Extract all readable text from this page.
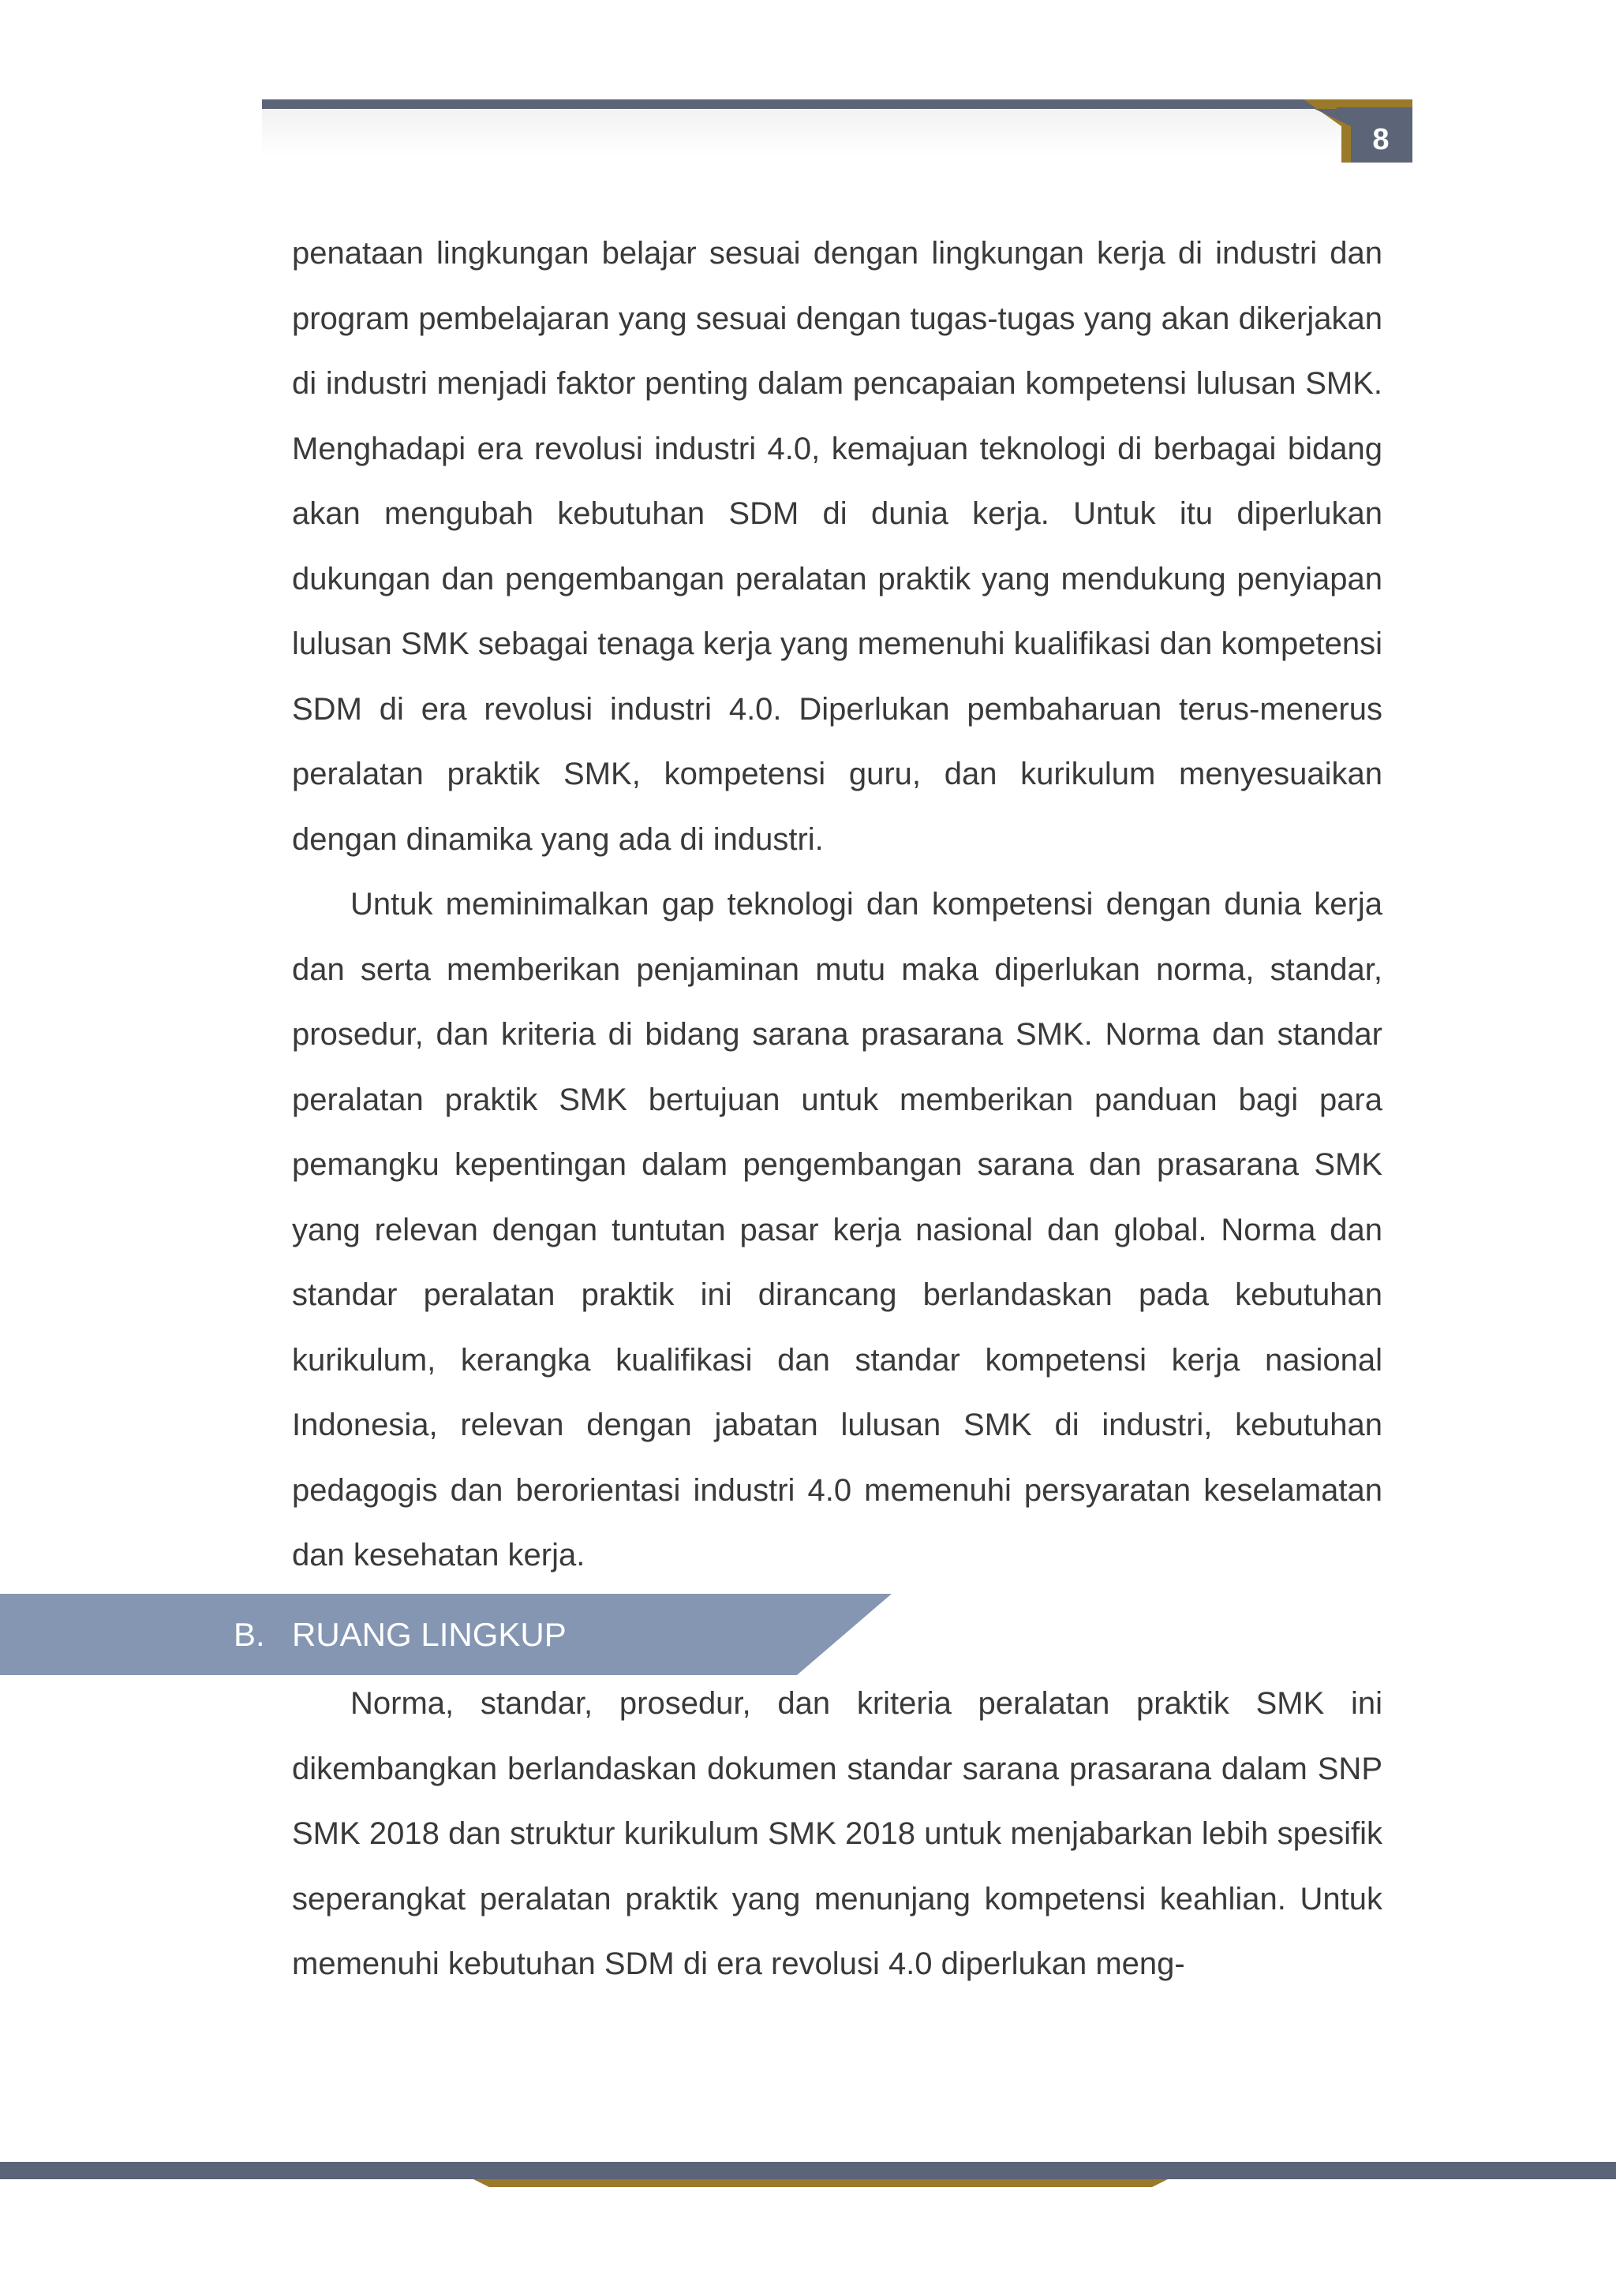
8

penataan lingkungan belajar sesuai dengan lingkungan kerja di industri dan program pembelajaran yang sesuai dengan tugas-tugas yang akan dikerjakan di industri menjadi faktor penting dalam pencapaian kompetensi lulusan SMK. Menghadapi era revolusi industri 4.0, kemajuan teknologi di berbagai bidang akan mengubah kebutuhan SDM di dunia kerja. Untuk itu diperlukan dukungan dan pengembangan peralatan praktik yang mendukung penyiapan lulusan SMK sebagai tenaga kerja yang memenuhi kualifikasi dan kompetensi SDM di era revolusi industri 4.0. Diperlukan pembaharuan terus-menerus peralatan praktik SMK, kompetensi guru, dan kurikulum menyesuaikan dengan dinamika yang ada di industri.

Untuk meminimalkan gap teknologi dan kompetensi dengan dunia kerja dan serta memberikan penjaminan mutu maka diperlukan norma, standar, prosedur, dan kriteria di bidang sarana prasarana SMK. Norma dan standar peralatan praktik SMK bertujuan untuk memberikan panduan bagi para pemangku kepentingan dalam pengembangan sarana dan prasarana SMK yang relevan dengan tuntutan pasar kerja nasional dan global. Norma dan standar peralatan praktik ini dirancang berlandaskan pada kebutuhan kurikulum, kerangka kualifikasi dan standar kompetensi kerja nasional Indonesia, relevan dengan jabatan lulusan SMK di industri, kebutuhan pedagogis dan berorientasi industri 4.0 memenuhi persyaratan keselamatan dan kesehatan kerja.

B. RUANG LINGKUP

Norma, standar, prosedur, dan kriteria peralatan praktik SMK ini dikembangkan berlandaskan dokumen standar sarana prasarana dalam SNP SMK 2018 dan struktur kurikulum SMK 2018 untuk menjabarkan lebih spesifik seperangkat peralatan praktik yang menunjang kompetensi keahlian. Untuk memenuhi kebutuhan SDM di era revolusi 4.0 diperlukan meng-
